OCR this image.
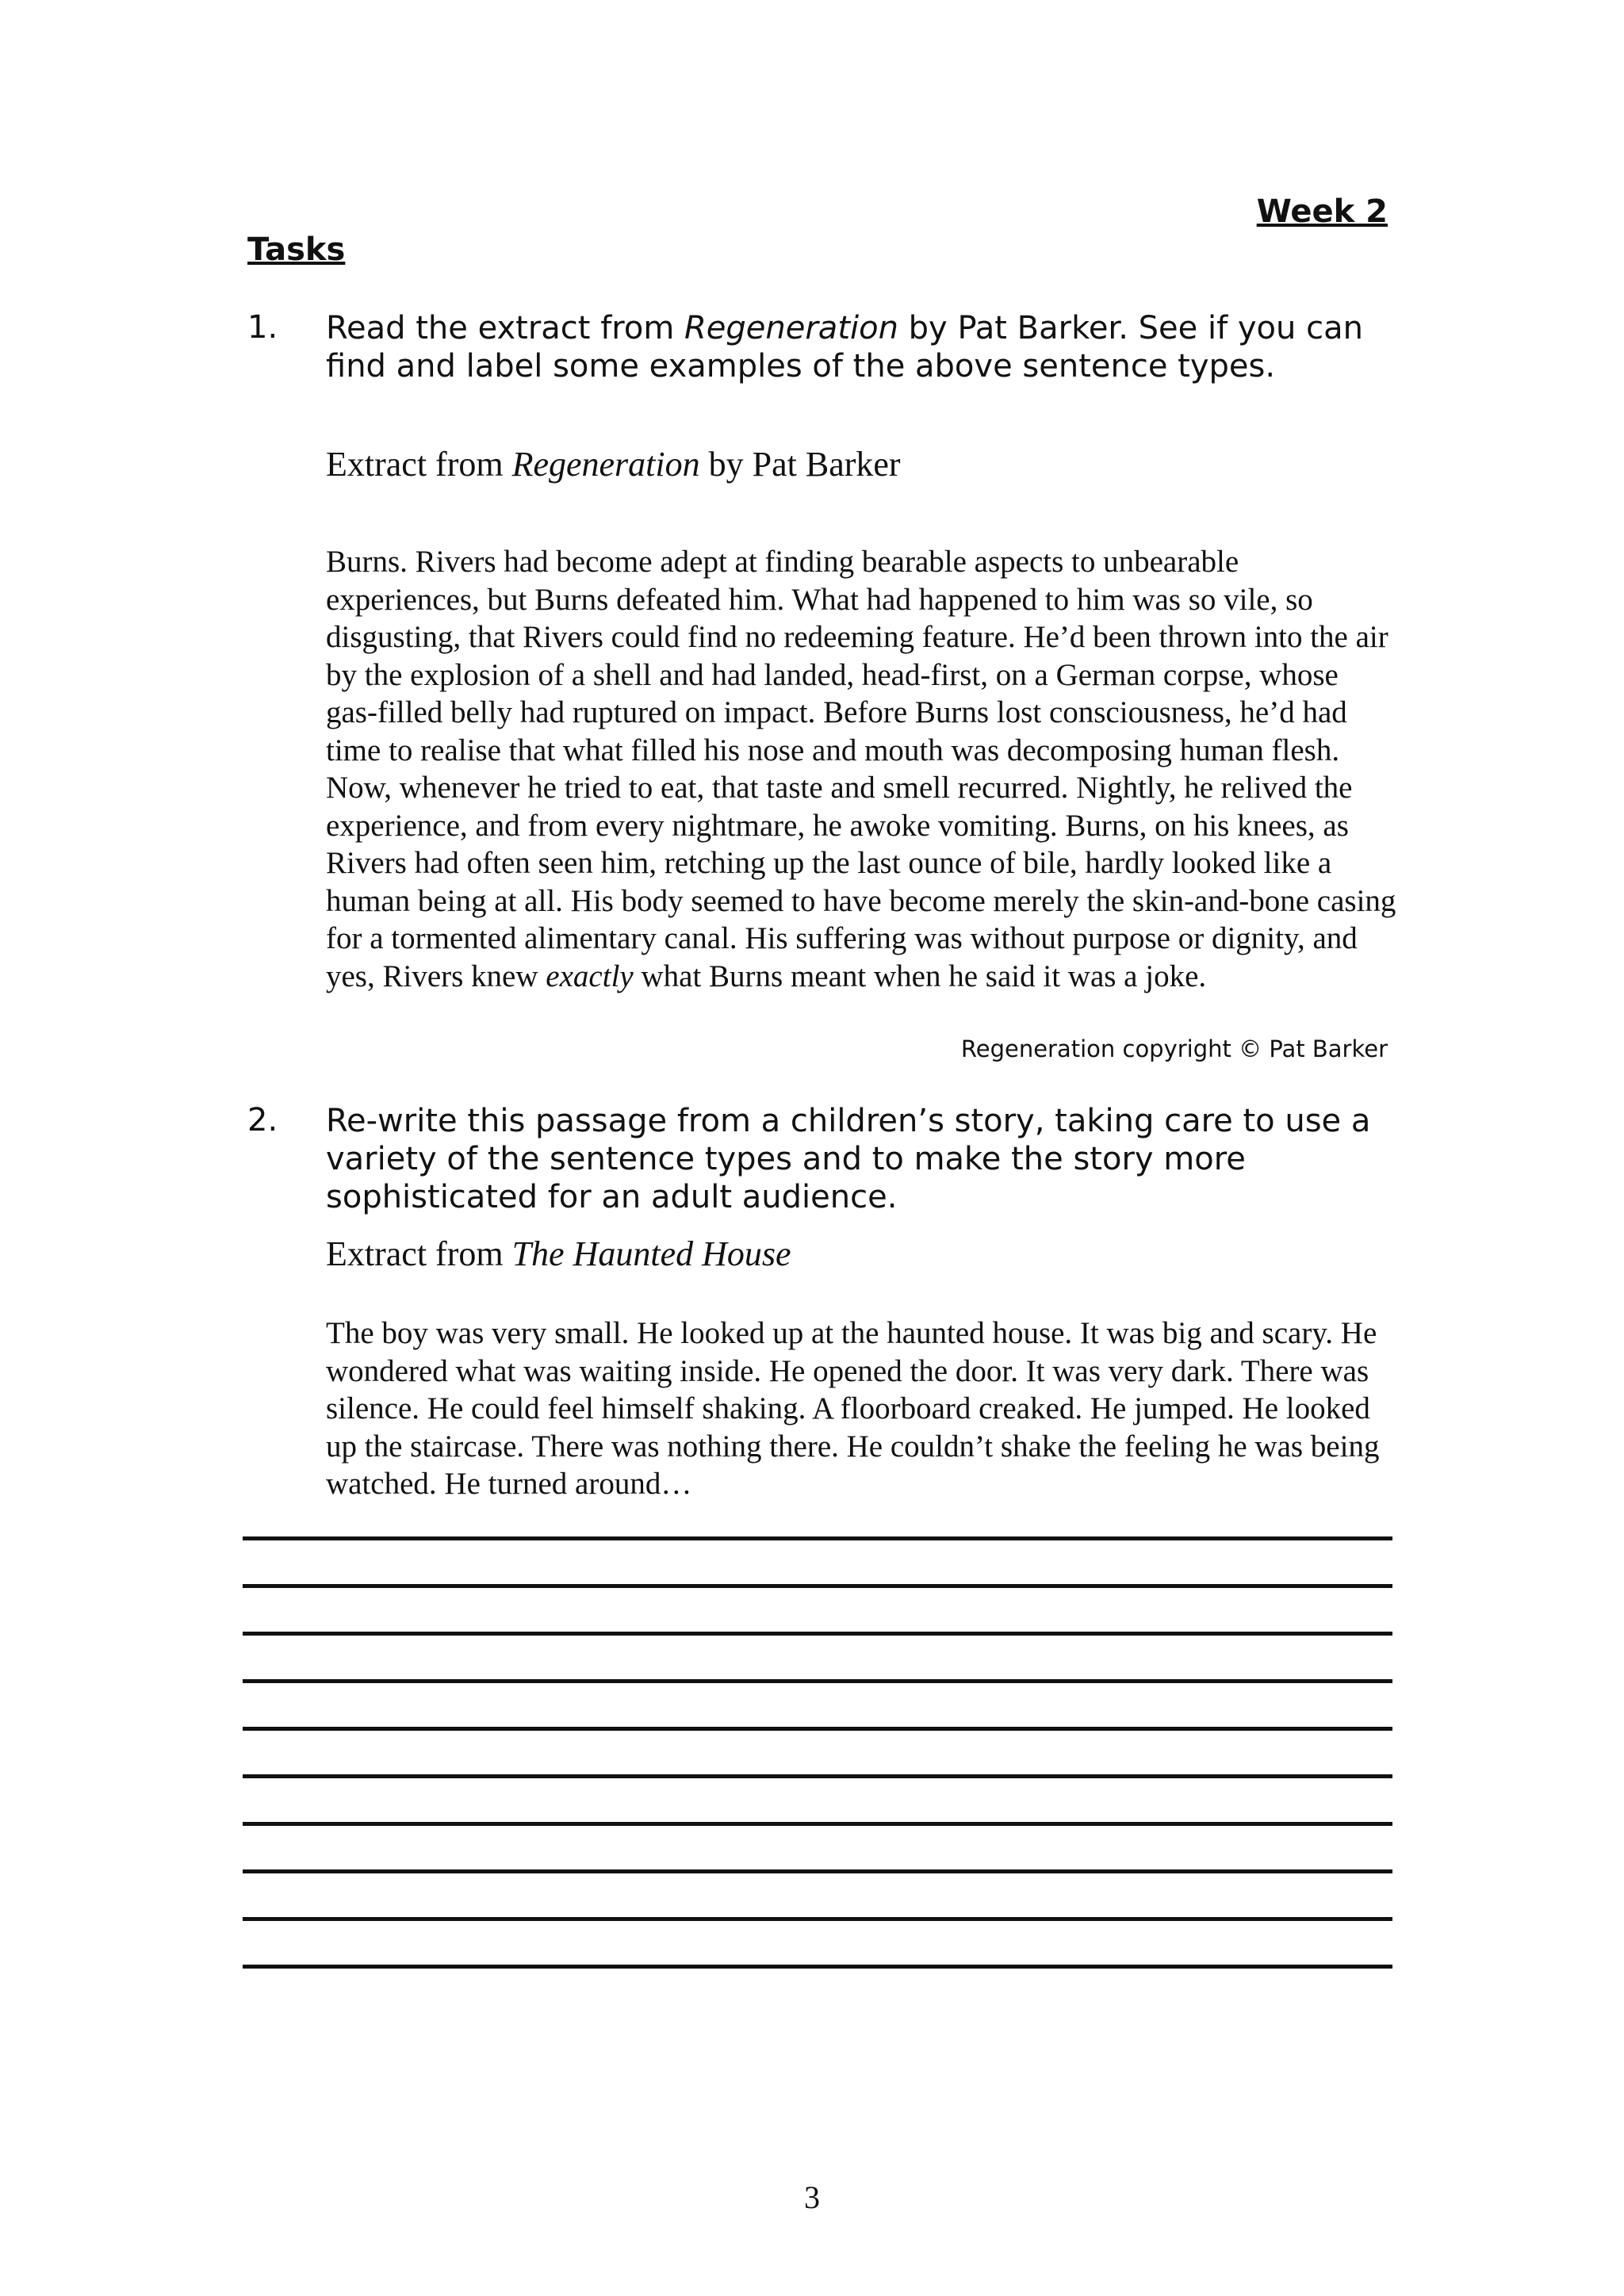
Week 2
Tasks
1. Read the extract from Regeneration by Pat Barker. See if you can find and label some examples of the above sentence types.
Extract from Regeneration by Pat Barker

Burns. Rivers had become adept at finding bearable aspects to unbearable experiences, but Burns defeated him. What had happened to him was so vile, so disgusting, that Rivers could find no redeeming feature. He’d been thrown into the air by the explosion of a shell and had landed, head-first, on a German corpse, whose gas-filled belly had ruptured on impact. Before Burns lost consciousness, he’d had time to realise that what filled his nose and mouth was decomposing human flesh. Now, whenever he tried to eat, that taste and smell recurred. Nightly, he relived the experience, and from every nightmare, he awoke vomiting. Burns, on his knees, as Rivers had often seen him, retching up the last ounce of bile, hardly looked like a human being at all. His body seemed to have become merely the skin-and-bone casing for a tormented alimentary canal. His suffering was without purpose or dignity, and yes, Rivers knew exactly what Burns meant when he said it was a joke.

Regeneration copyright © Pat Barker
2. Re-write this passage from a children’s story, taking care to use a variety of the sentence types and to make the story more sophisticated for an adult audience.
Extract from The Haunted House

The boy was very small. He looked up at the haunted house. It was big and scary. He wondered what was waiting inside. He opened the door. It was very dark. There was silence. He could feel himself shaking. A floorboard creaked. He jumped. He looked up the staircase. There was nothing there. He couldn’t shake the feeling he was being watched. He turned around…

3
